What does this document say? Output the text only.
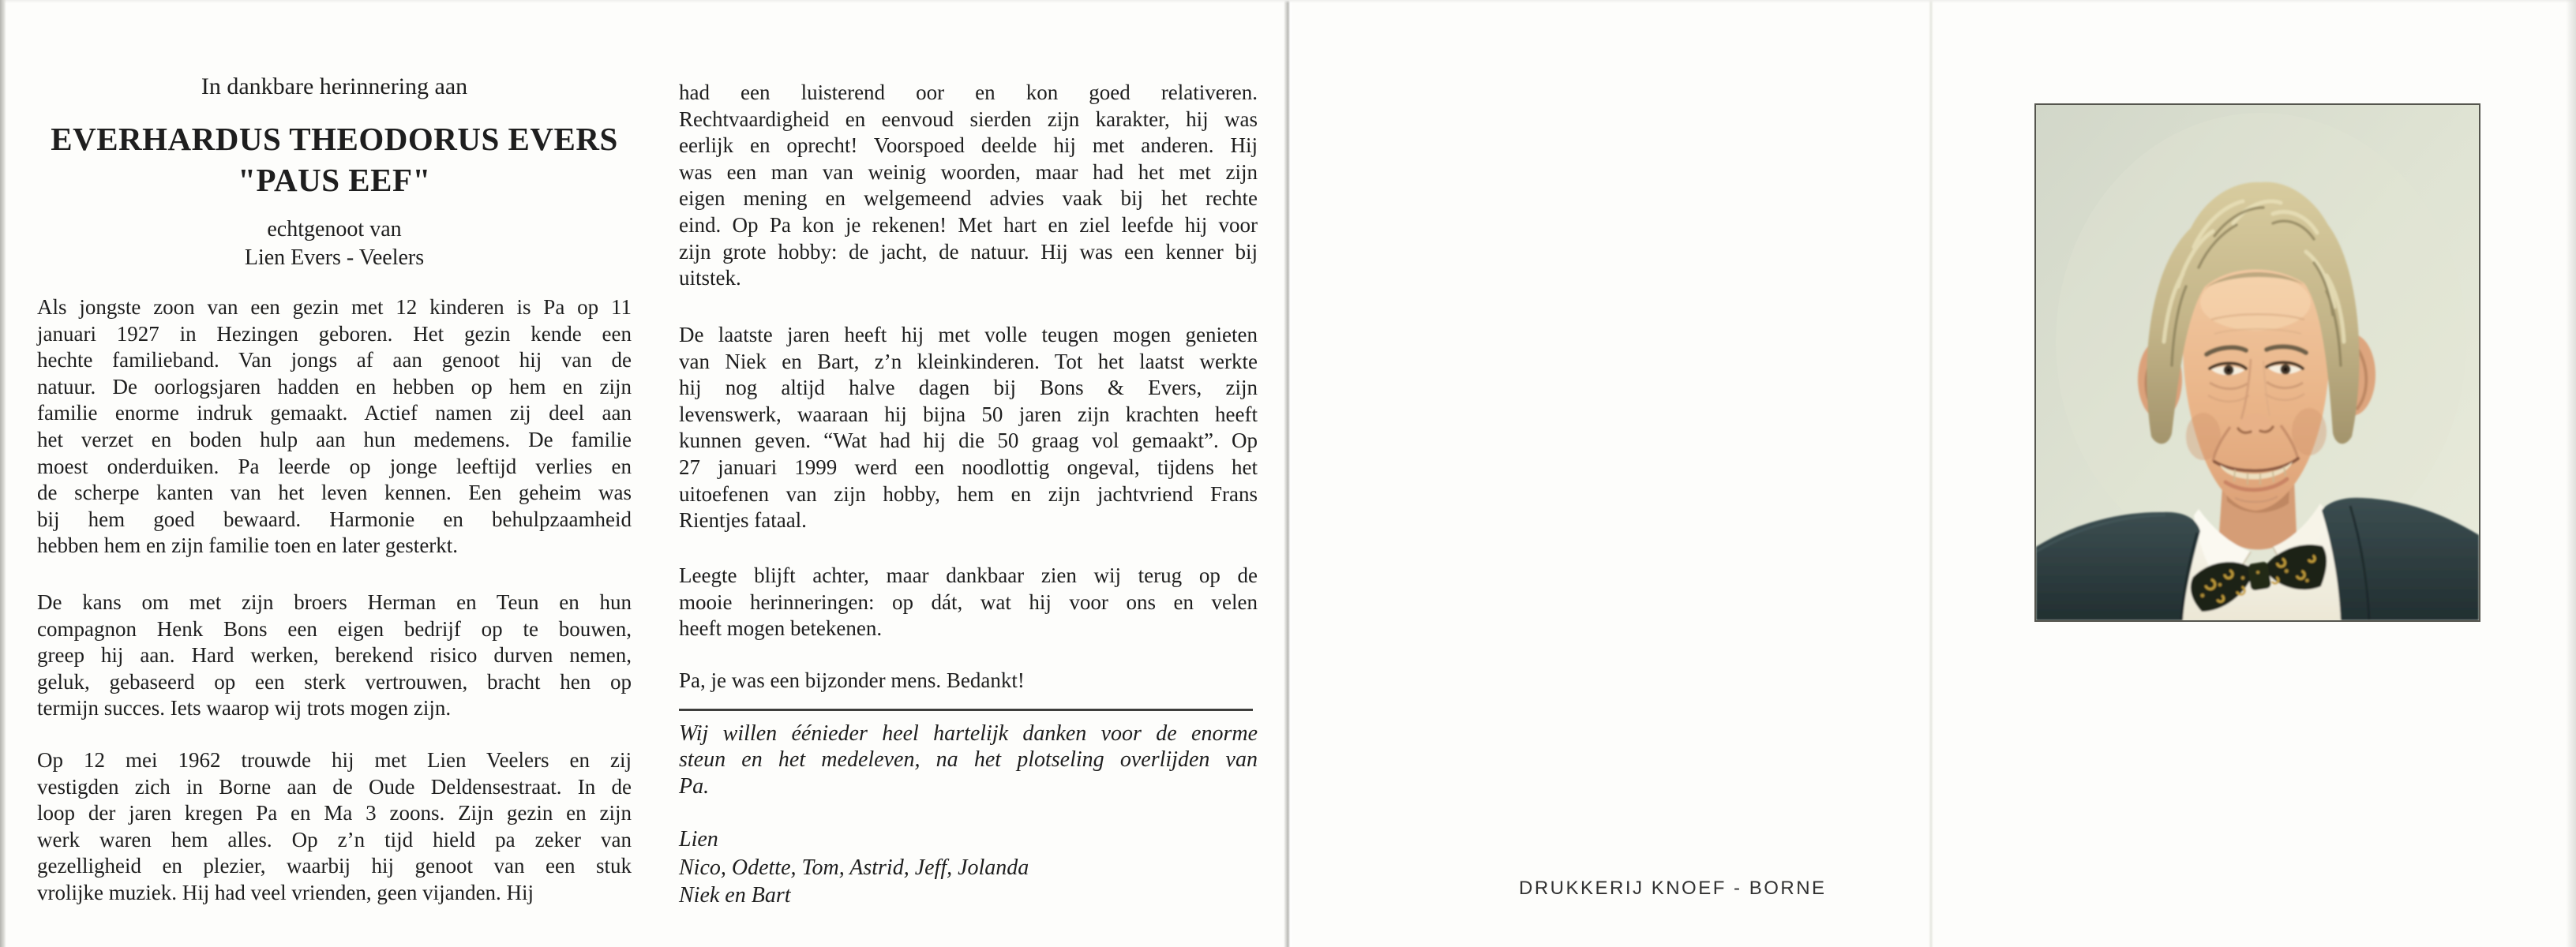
In dankbare herinnering aan
EVERHARDUS THEODORUS EVERS
"PAUS EEF"
echtgenoot van
Lien Evers - Veelers
Als jongste zoon van een gezin met 12 kinderen is Pa op 11
januari 1927 in Hezingen geboren. Het gezin kende een
hechte familieband. Van jongs af aan genoot hij van de
natuur. De oorlogsjaren hadden en hebben op hem en zijn
familie enorme indruk gemaakt. Actief namen zij deel aan
het verzet en boden hulp aan hun medemens. De familie
moest onderduiken. Pa leerde op jonge leeftijd verlies en
de scherpe kanten van het leven kennen. Een geheim was
bij hem goed bewaard. Harmonie en behulpzaamheid
hebben hem en zijn familie toen en later gesterkt.
De kans om met zijn broers Herman en Teun en hun
compagnon Henk Bons een eigen bedrijf op te bouwen,
greep hij aan. Hard werken, berekend risico durven nemen,
geluk, gebaseerd op een sterk vertrouwen, bracht hen op
termijn succes. Iets waarop wij trots mogen zijn.
Op 12 mei 1962 trouwde hij met Lien Veelers en zij
vestigden zich in Borne aan de Oude Deldensestraat. In de
loop der jaren kregen Pa en Ma 3 zoons. Zijn gezin en zijn
werk waren hem alles. Op z’n tijd hield pa zeker van
gezelligheid en plezier, waarbij hij genoot van een stuk
vrolijke muziek. Hij had veel vrienden, geen vijanden. Hij
had een luisterend oor en kon goed relativeren.
Rechtvaardigheid en eenvoud sierden zijn karakter, hij was
eerlijk en oprecht! Voorspoed deelde hij met anderen. Hij
was een man van weinig woorden, maar had het met zijn
eigen mening en welgemeend advies vaak bij het rechte
eind. Op Pa kon je rekenen! Met hart en ziel leefde hij voor
zijn grote hobby: de jacht, de natuur. Hij was een kenner bij
uitstek.
De laatste jaren heeft hij met volle teugen mogen genieten
van Niek en Bart, z’n kleinkinderen. Tot het laatst werkte
hij nog altijd halve dagen bij Bons & Evers, zijn
levenswerk, waaraan hij bijna 50 jaren zijn krachten heeft
kunnen geven. “Wat had hij die 50 graag vol gemaakt”. Op
27 januari 1999 werd een noodlottig ongeval, tijdens het
uitoefenen van zijn hobby, hem en zijn jachtvriend Frans
Rientjes fataal.
Leegte blijft achter, maar dankbaar zien wij terug op de
mooie herinneringen: op dát, wat hij voor ons en velen
heeft mogen betekenen.
Pa, je was een bijzonder mens. Bedankt!
Wij willen éénieder heel hartelijk danken voor de enorme
steun en het medeleven, na het plotseling overlijden van
Pa.
Lien
Nico, Odette, Tom, Astrid, Jeff, Jolanda
Niek en Bart	DRUKKERIJ KNOEF - BORNE
